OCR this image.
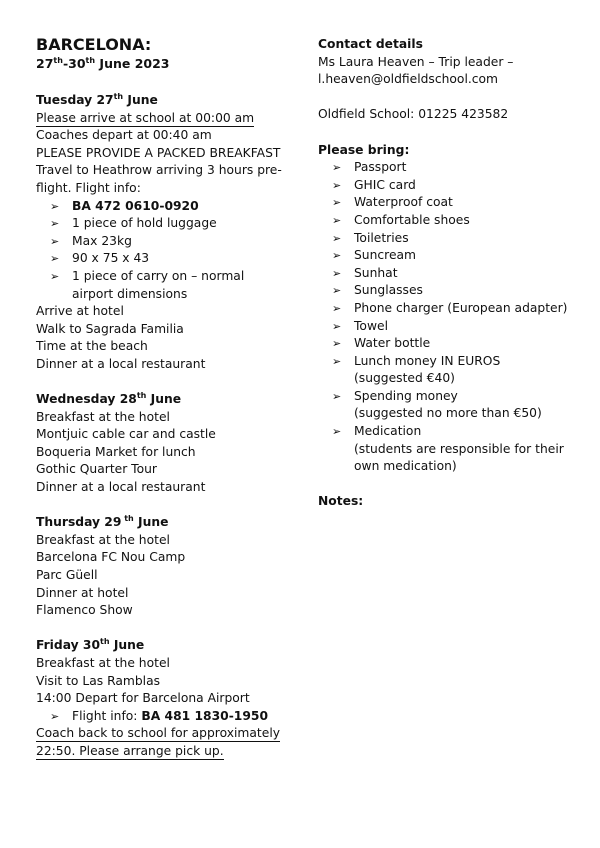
BARCELONA:
27th-30th June 2023
Tuesday 27th June
Please arrive at school at 00:00 am
Coaches depart at 00:40 am
PLEASE PROVIDE A PACKED BREAKFAST
Travel to Heathrow arriving 3 hours pre-
flight. Flight info:
➢ BA 472 0610-0920
➢ 1 piece of hold luggage
➢ Max 23kg
➢ 90 x 75 x 43
➢ 1 piece of carry on – normal
airport dimensions
Arrive at hotel
Walk to Sagrada Familia
Time at the beach
Dinner at a local restaurant
Wednesday 28th June
Breakfast at the hotel
Montjuic cable car and castle
Boqueria Market for lunch
Gothic Quarter Tour
Dinner at a local restaurant
Thursday 29 $^{th}$ June
Breakfast at the hotel
Barcelona FC Nou Camp
Parc Güell
Dinner at hotel
Flamenco Show
Friday 30th June
Breakfast at the hotel
Visit to Las Ramblas
14:00 Depart for Barcelona Airport
➢ Flight info: BA 481 1830-1950
Coach back to school for approximately
22:50. Please arrange pick up.
Contact details
Ms Laura Heaven – Trip leader –
l.heaven@oldfieldschool.com
Oldfield School: 01225 423582
Please bring:
➢ Passport
➢ GHIC card
➢ Waterproof coat
➢ Comfortable shoes
➢ Toiletries
➢ Suncream
➢ Sunhat
➢ Sunglasses
➢ Phone charger (European adapter)
➢ Towel
➢ Water bottle
➢ Lunch money IN EUROS
(suggested €40)
➢ Spending money
(suggested no more than €50)
➢ Medication
(students are responsible for their
own medication)
Notes:
